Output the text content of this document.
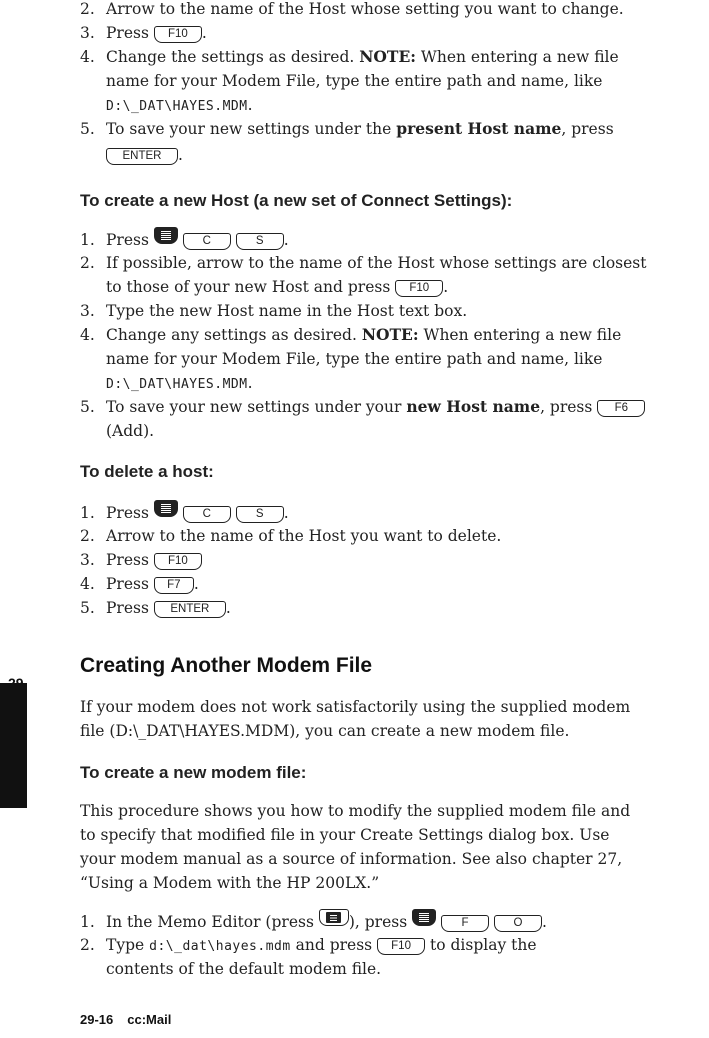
2. Arrow to the name of the Host whose setting you want to change.
3. Press F10 .
4. Change the settings as desired. NOTE: When entering a new file
name for your Modem File, type the entire path and name, like
D:\_DAT\HAYES.MDM.
5. To save your new settings under the present Host name, press
ENTER .
To create a new Host (a new set of Connect Settings):
1. Press	C	S .
2. If possible, arrow to the name of the Host whose settings are closest
to those of your new Host and press F10 .
3. Type the new Host name in the Host text box.
4. Change any settings as desired. NOTE: When entering a new file
name for your Modem File, type the entire path and name, like
D:\_DAT\HAYES.MDM.
5. To save your new settings under your new Host name, press F6
(Add).
To delete a host:
1. Press	C	S .
2. Arrow to the name of the Host you want to delete.
3. Press F10
4. Press F7 .
5. Press ENTER .
Creating Another Modem File
If your modem does not work satisfactorily using the supplied modem
file (D:\_DAT\HAYES.MDM), you can create a new modem file.
To create a new modem file:
This procedure shows you how to modify the supplied modem file and
to specify that modified file in your Create Settings dialog box. Use
your modem manual as a source of information. See also chapter 27,
“Using a Modem with the HP 200LX.”
1. In the Memo Editor (press ), press	F	O .
2. Type d:\_dat\hayes.mdm and press F10 to display the
contents of the default modem file.
29-16 cc:Mail
